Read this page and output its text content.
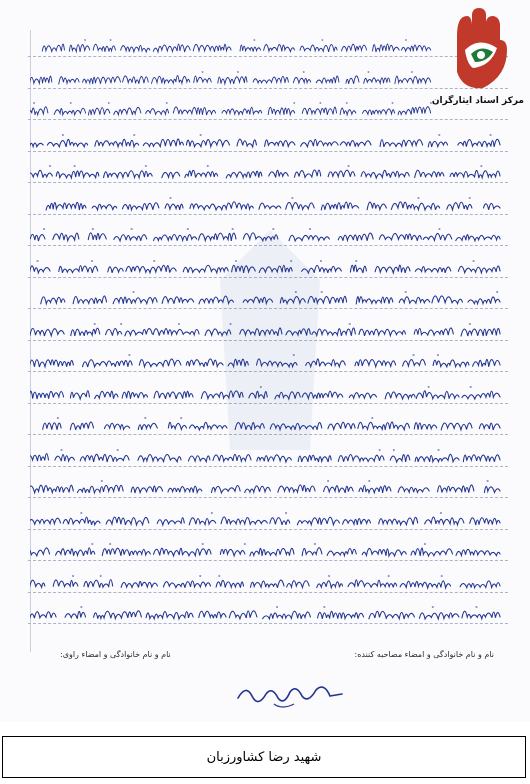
مرکز اسناد ایثارگران
نام و نام خانوادگی و امضاء مصاحبه کننده:
نام و نام خانوادگی و امضاء راوی:
شهید رضا کشاورزبان
